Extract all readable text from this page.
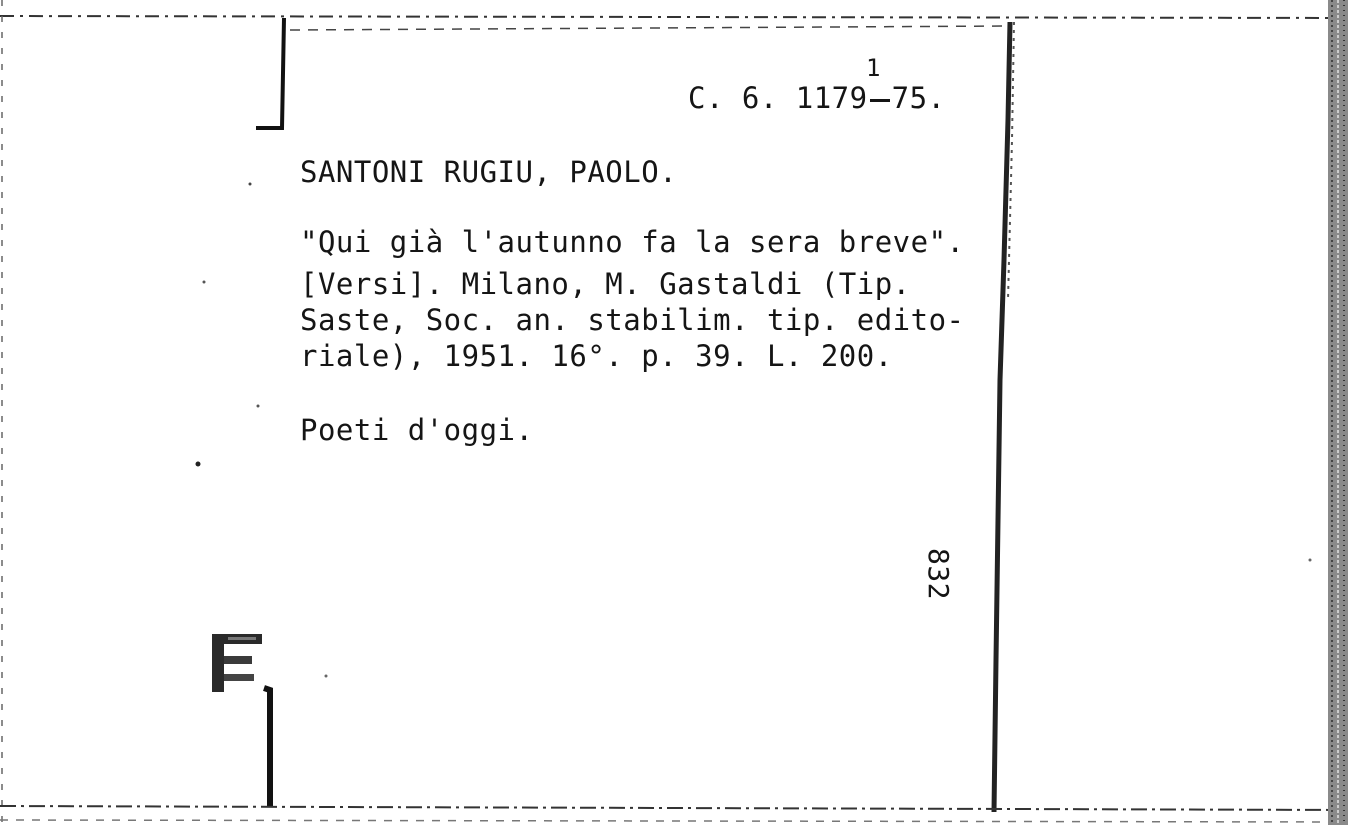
C. 6. 1179
1
75.
SANTONI RUGIU, PAOLO.
"Qui già l'autunno fa la sera breve".
[Versi]. Milano, M. Gastaldi (Tip.
Saste, Soc. an. stabilim. tip. edito-
riale), 1951. 16°. p. 39. L. 200.
Poeti d'oggi.
832
